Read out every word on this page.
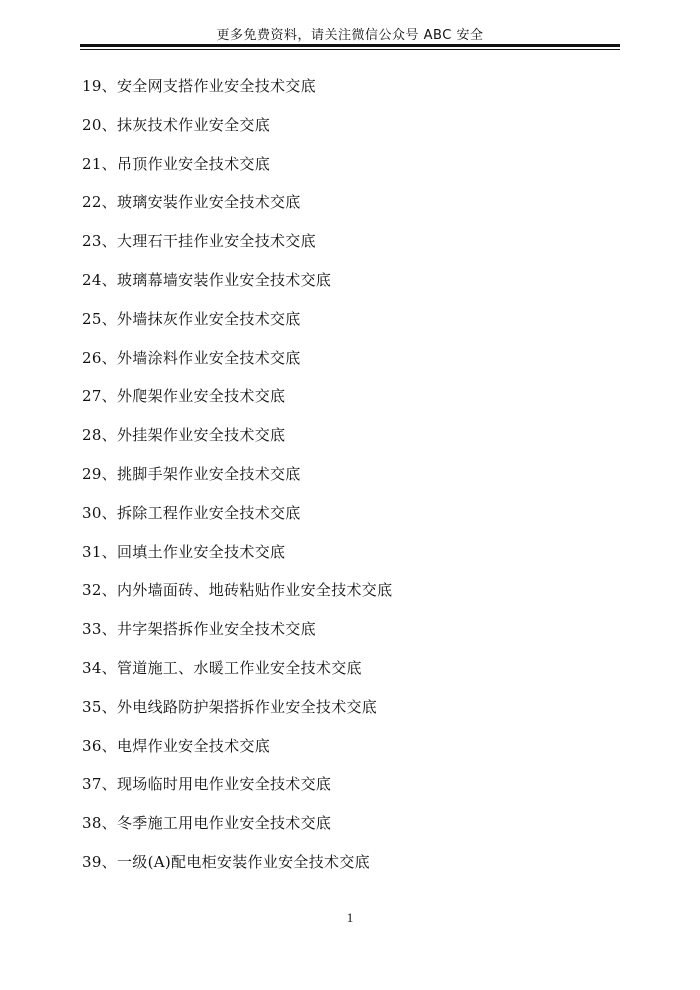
更多免费资料，请关注微信公众号 ABC 安全
19、安全网支搭作业安全技术交底
20、抹灰技术作业安全交底
21、吊顶作业安全技术交底
22、玻璃安装作业安全技术交底
23、大理石干挂作业安全技术交底
24、玻璃幕墙安装作业安全技术交底
25、外墙抹灰作业安全技术交底
26、外墙涂料作业安全技术交底
27、外爬架作业安全技术交底
28、外挂架作业安全技术交底
29、挑脚手架作业安全技术交底
30、拆除工程作业安全技术交底
31、回填土作业安全技术交底
32、内外墙面砖、地砖粘贴作业安全技术交底
33、井字架搭拆作业安全技术交底
34、管道施工、水暖工作业安全技术交底
35、外电线路防护架搭拆作业安全技术交底
36、电焊作业安全技术交底
37、现场临时用电作业安全技术交底
38、冬季施工用电作业安全技术交底
39、一级(A)配电柜安装作业安全技术交底
1
